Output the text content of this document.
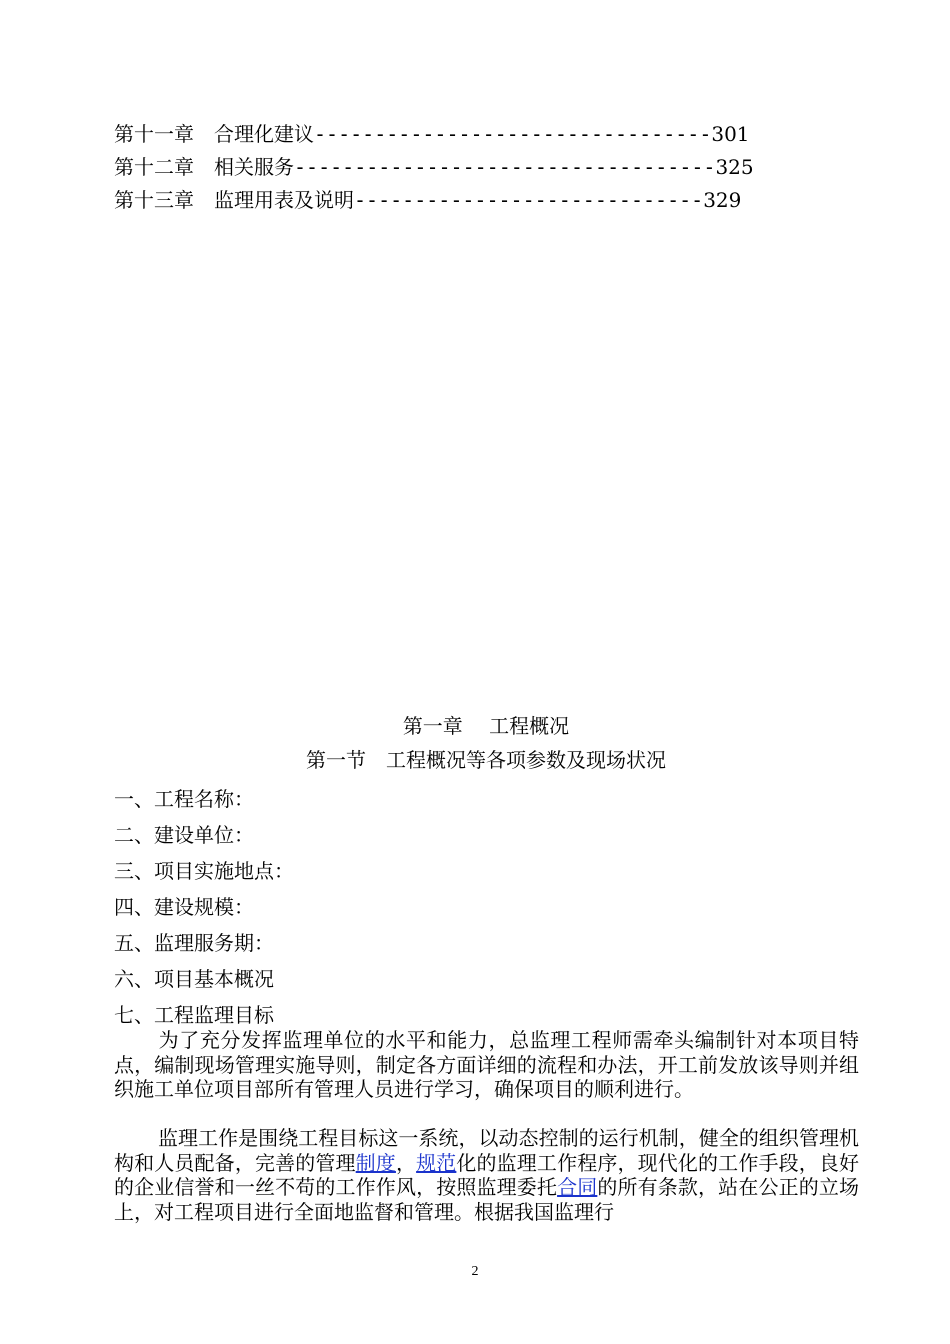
第十一章　 合理化建议---------------------------------301
第十二章　 相关服务-----------------------------------325
第十三章　 监理用表及说明-----------------------------329
第一章　 工程概况
第一节　工程概况等各项参数及现场状况
一、工程名称：
二、建设单位：
三、项目实施地点：
四、建设规模：
五、监理服务期：
六、项目基本概况
七、工程监理目标
为了充分发挥监理单位的水平和能力，总监理工程师需牵头编制针对本项目特点，编制现场管理实施导则，制定各方面详细的流程和办法，开工前发放该导则并组织施工单位项目部所有管理人员进行学习，确保项目的顺利进行。
监理工作是围绕工程目标这一系统，以动态控制的运行机制，健全的组织管理机构和人员配备，完善的管理制度，规范化的监理工作程序，现代化的工作手段，良好的企业信誉和一丝不苟的工作作风，按照监理委托合同的所有条款，站在公正的立场上，对工程项目进行全面地监督和管理。根据我国监理行
2
